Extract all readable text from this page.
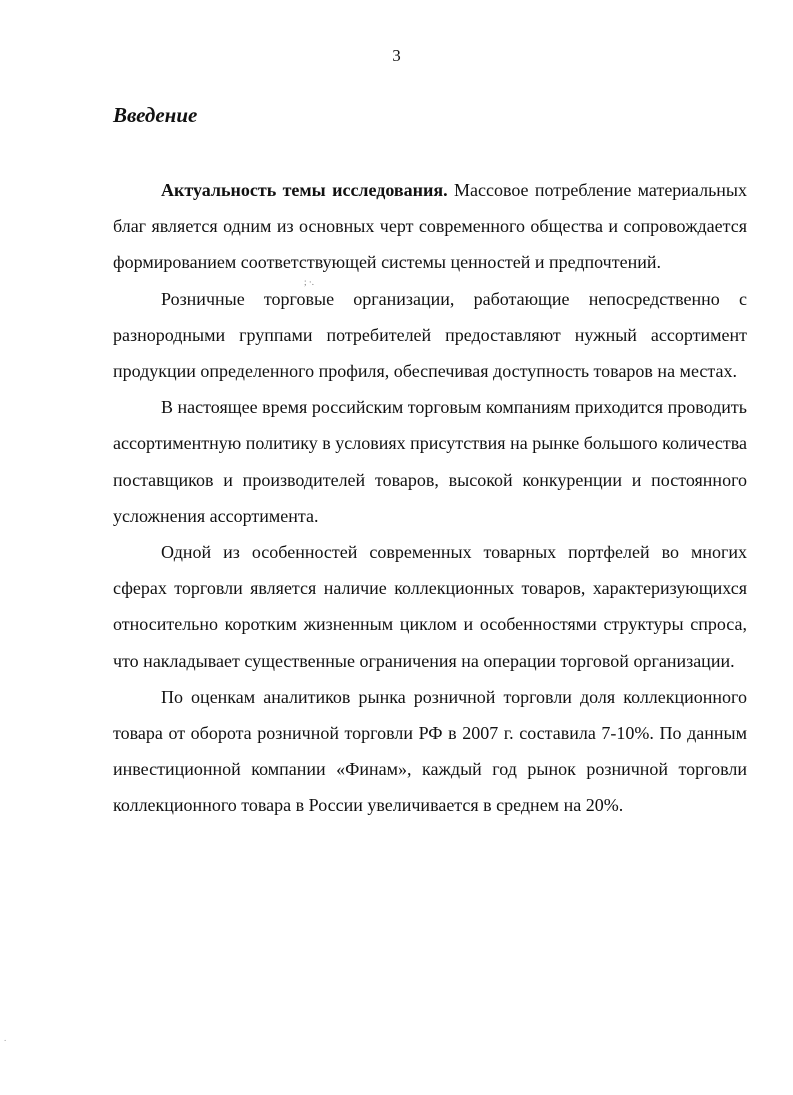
3
Введение

Актуальность темы исследования. Массовое потребление материальных благ является одним из основных черт современного общества и сопровождается формированием соответствующей системы ценностей и предпочтений.

Розничные торговые организации, работающие непосредственно с разнородными группами потребителей предоставляют нужный ассортимент продукции определенного профиля, обеспечивая доступность товаров на местах.

В настоящее время российским торговым компаниям приходится проводить ассортиментную политику в условиях присутствия на рынке большого количества поставщиков и производителей товаров, высокой конкуренции и постоянного усложнения ассортимента.

Одной из особенностей современных товарных портфелей во многих сферах торговли является наличие коллекционных товаров, характеризующихся относительно коротким жизненным циклом и особенностями структуры спроса, что накладывает существенные ограничения на операции торговой организации.

По оценкам аналитиков рынка розничной торговли доля коллекционного товара от оборота розничной торговли РФ в 2007 г. составила 7-10%. По данным инвестиционной компании «Финам», каждый год рынок розничной торговли коллекционного товара в России увеличивается в среднем на 20%.

; ·.
.
